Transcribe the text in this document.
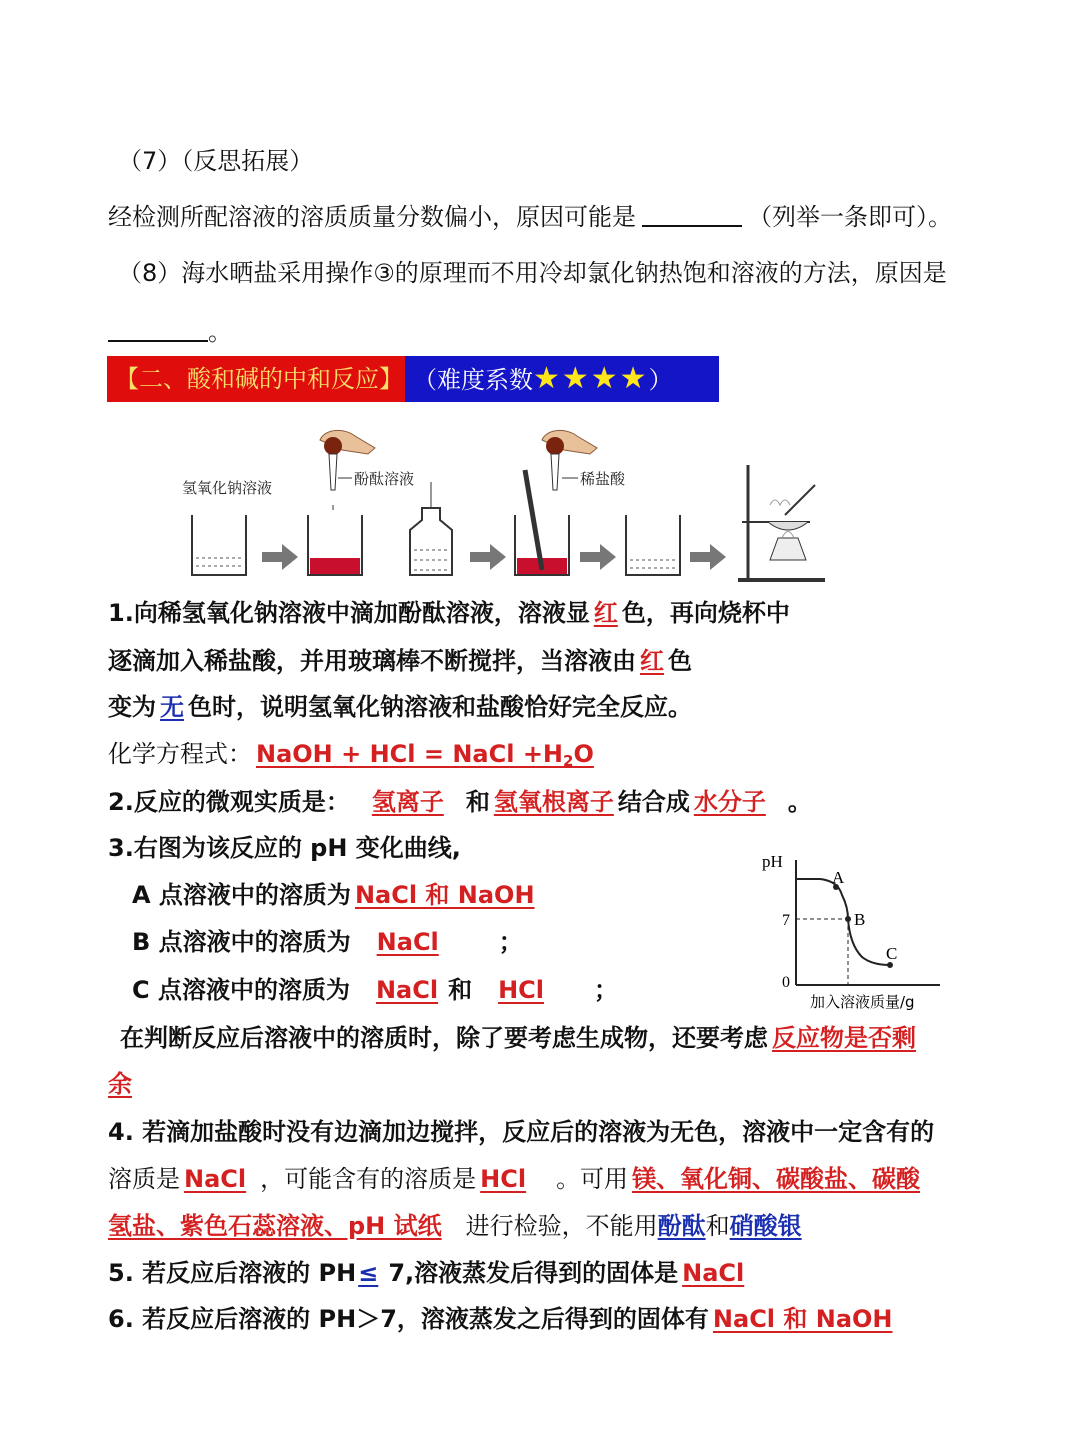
（7）（反思拓展）
经检测所配溶液的溶质质量分数偏小，原因可能是	（列举一条即可）。
（8）海水晒盐采用操作③的原理而不用冷却氯化钠热饱和溶液的方法，原因是
。
【二、酸和碱的中和反应】 （难度系数★★★★）
氢氧化钠溶液	酚酞溶液	稀盐酸
1.向稀氢氧化钠溶液中滴加酚酞溶液，溶液显 红 色，再向烧杯中
逐滴加入稀盐酸，并用玻璃棒不断搅拌，当溶液由 红 色
变为 无 色时，说明氢氧化钠溶液和盐酸恰好完全反应。
化学方程式： NaOH + HCl = NaCl $+H_2O$
2.反应的微观实质是： 氢离子 和 氢氧根离子 结合成 水分子 。
3.右图为该反应的 pH 变化曲线,
A 点溶液中的溶质为 NaCl 和 NaOH
B 点溶液中的溶质为 NaCl	；
C 点溶液中的溶质为 NaCl 和 HCl ；
在判断反应后溶液中的溶质时，除了要考虑生成物，还要考虑 反应物是否剩
余
pH
7
0
A
B
C
加入溶液质量/g
4. 若滴加盐酸时没有边滴加边搅拌，反应后的溶液为无色，溶液中一定含有的
溶质是 NaCl ，可能含有的溶质是 HCl 。可用 镁、氧化铜、碳酸盐、碳酸
氢盐、紫色石蕊溶液、pH 试纸 进行检验，不能用酚酞和硝酸银
5. 若反应后溶液的 PH≤ 7,溶液蒸发后得到的固体是 NaCl
6. 若反应后溶液的 PH＞7，溶液蒸发之后得到的固体有 NaCl 和 NaOH
